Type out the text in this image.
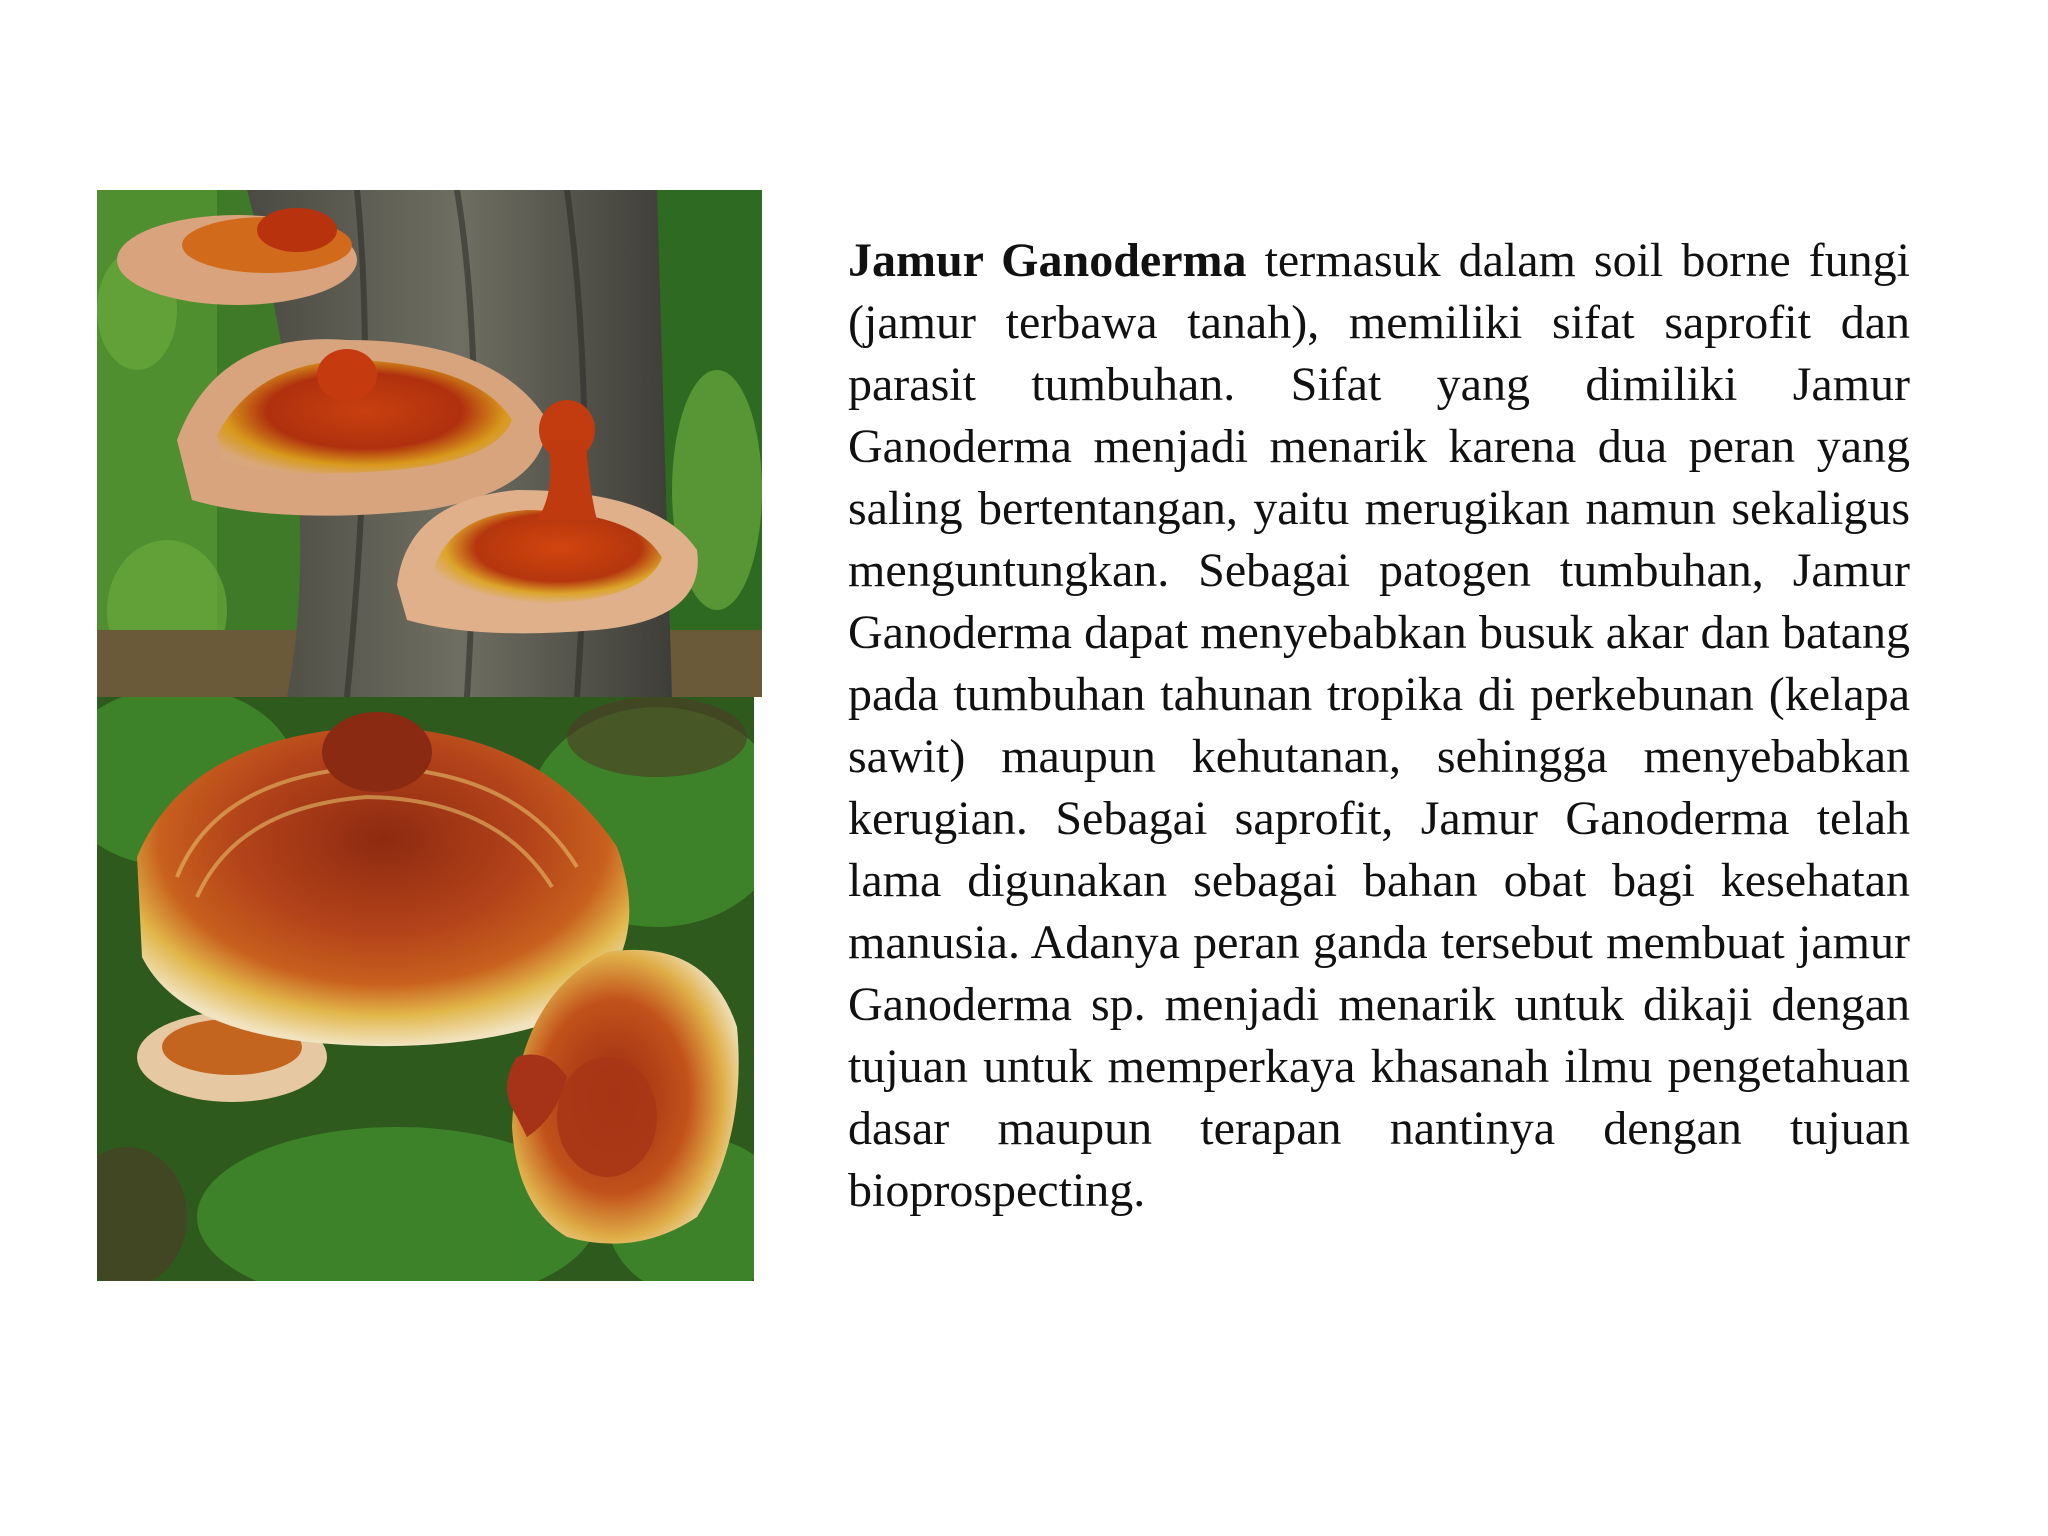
Jamur Ganoderma termasuk dalam soil borne fungi (jamur terbawa tanah), memiliki sifat saprofit dan parasit tumbuhan. Sifat yang dimiliki Jamur Ganoderma menjadi menarik karena dua peran yang saling bertentangan, yaitu merugikan namun sekaligus menguntungkan. Sebagai patogen tumbuhan, Jamur Ganoderma dapat menyebabkan busuk akar dan batang pada tumbuhan tahunan tropika di perkebunan (kelapa sawit) maupun kehutanan, sehingga menyebabkan kerugian. Sebagai saprofit, Jamur Ganoderma telah lama digunakan sebagai bahan obat bagi kesehatan manusia. Adanya peran ganda tersebut membuat jamur Ganoderma sp. menjadi menarik untuk dikaji dengan tujuan untuk memperkaya khasanah ilmu pengetahuan dasar maupun terapan nantinya dengan tujuan bioprospecting.
